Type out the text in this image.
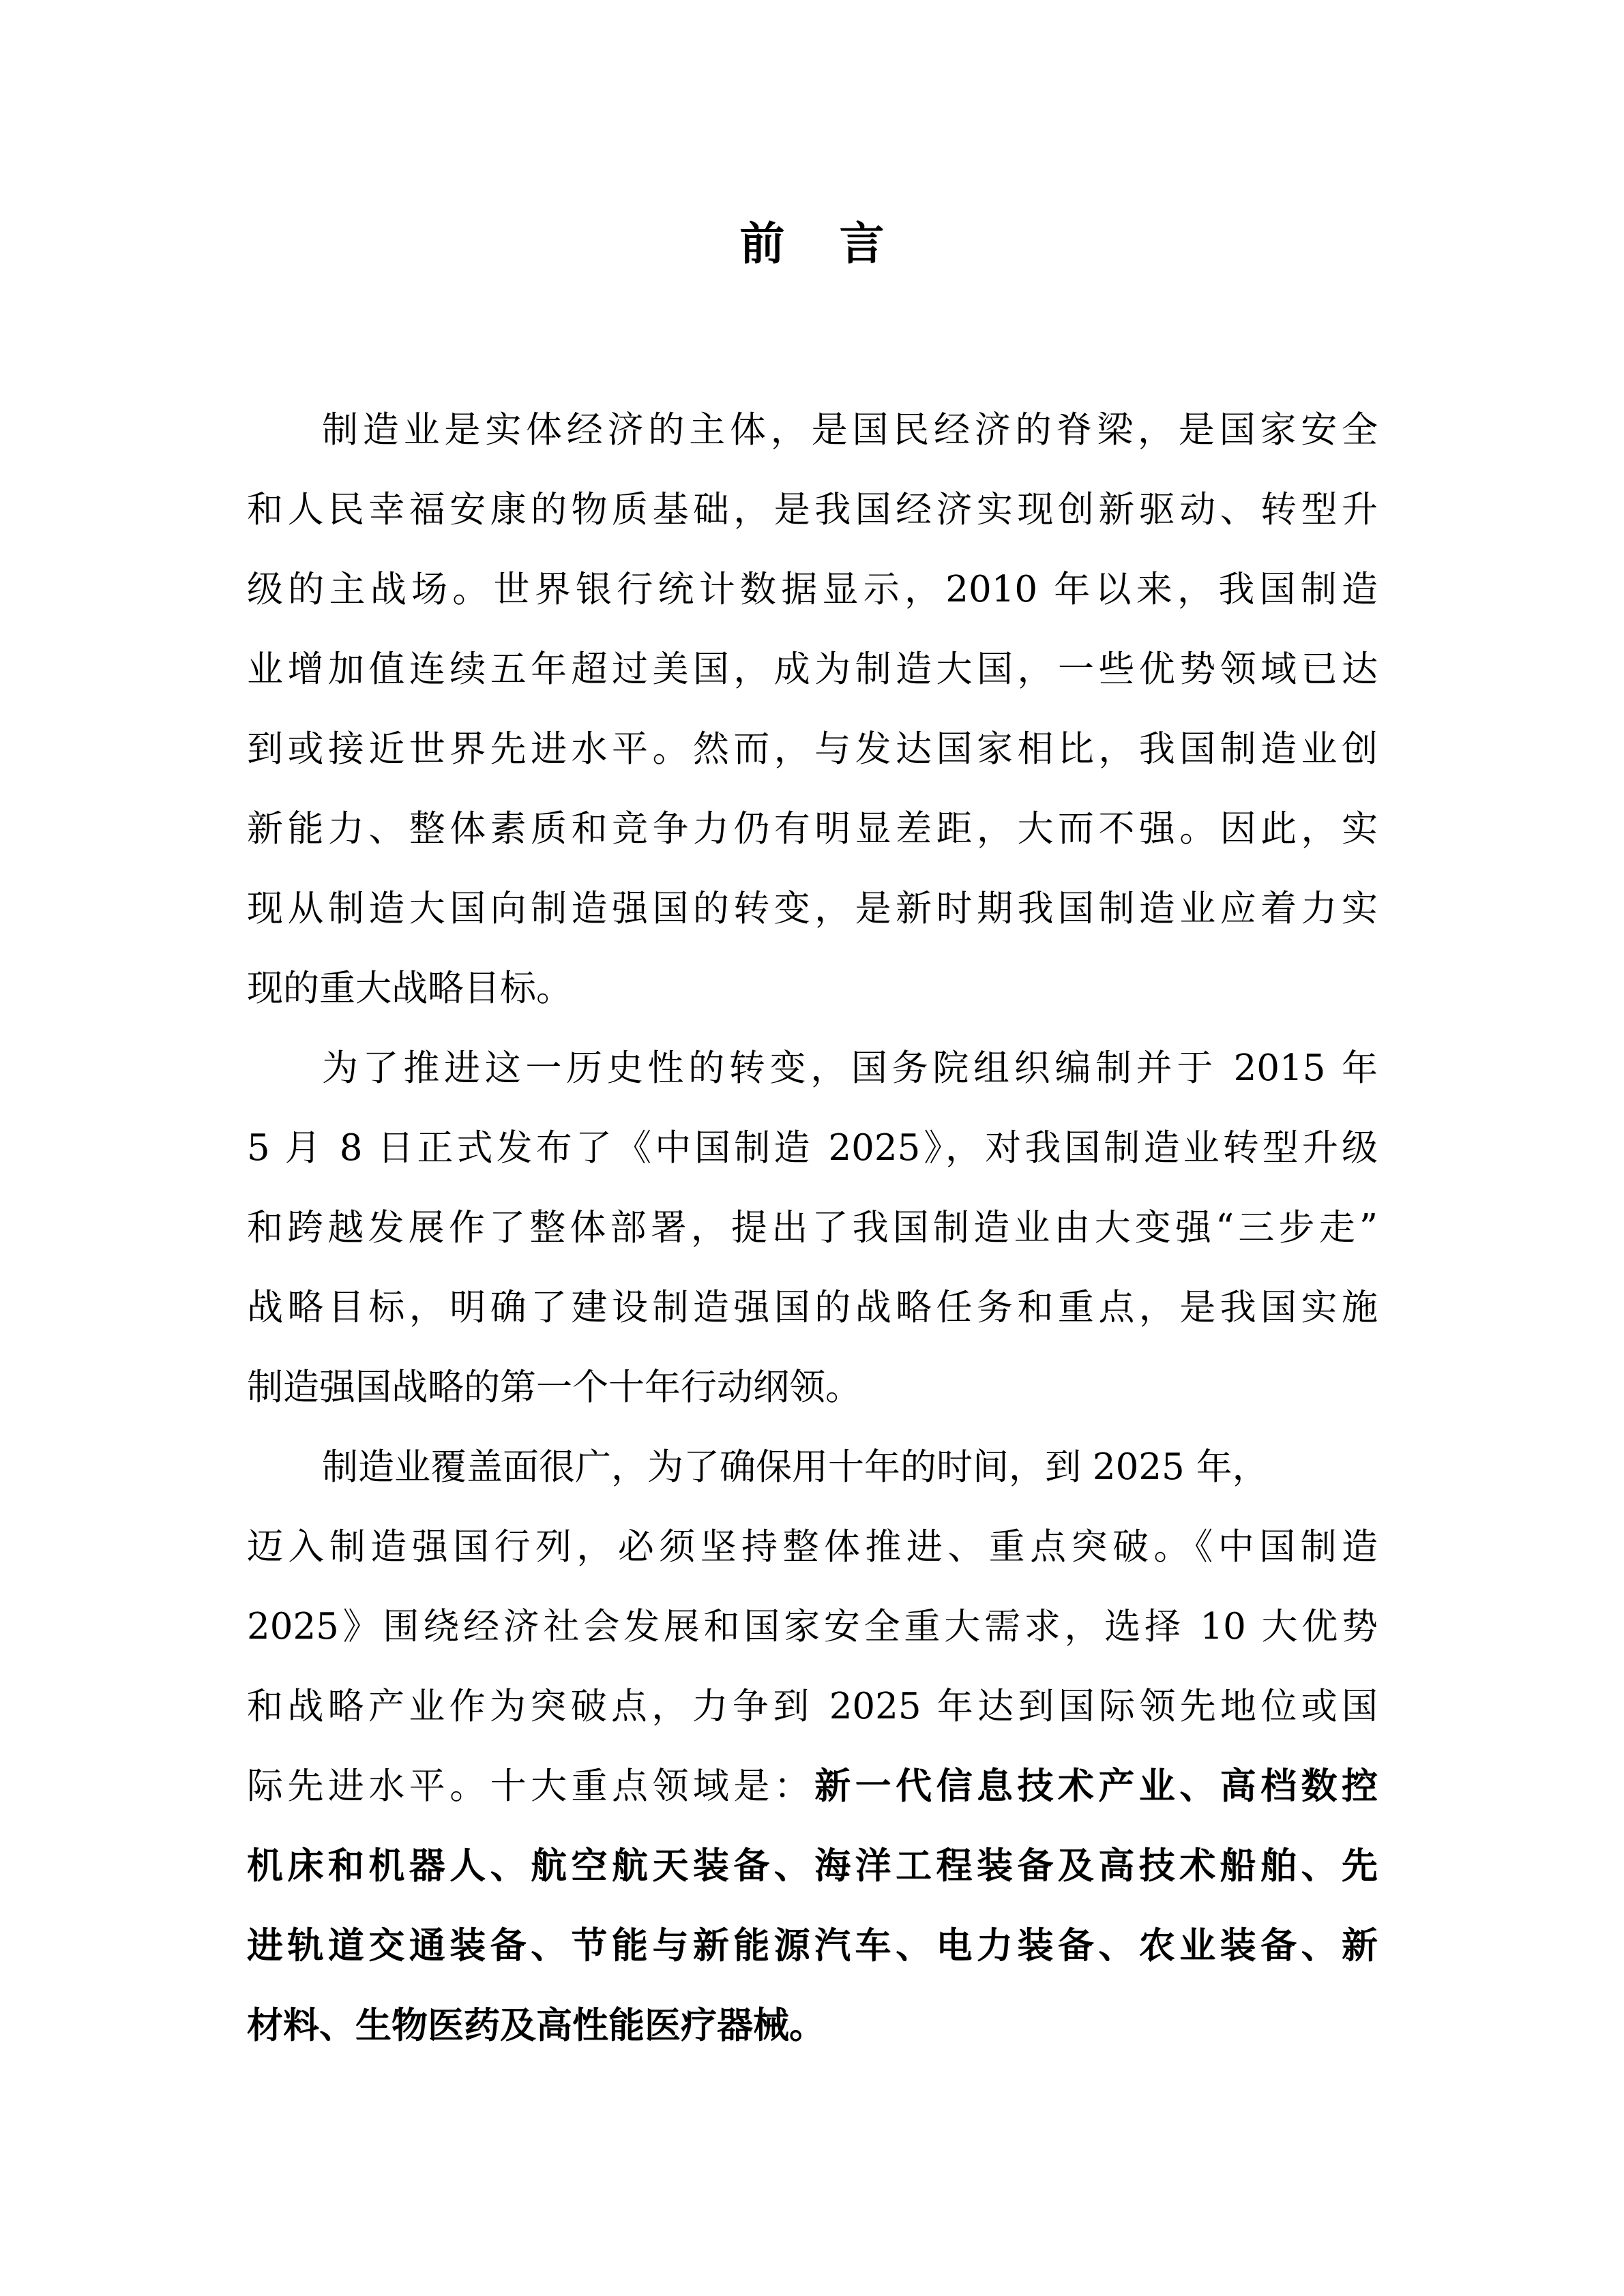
前言
制造业是实体经济的主体，是国民经济的脊梁，是国家安全
和人民幸福安康的物质基础，是我国经济实现创新驱动、转型升
级的主战场。世界银行统计数据显示，2010 年以来，我国制造
业增加值连续五年超过美国，成为制造大国，一些优势领域已达
到或接近世界先进水平。然而，与发达国家相比，我国制造业创
新能力、整体素质和竞争力仍有明显差距，大而不强。因此，实
现从制造大国向制造强国的转变，是新时期我国制造业应着力实
现的重大战略目标。
为了推进这一历史性的转变，国务院组织编制并于 2015 年
5 月 8 日正式发布了《中国制造 2025》，对我国制造业转型升级
和跨越发展作了整体部署，提出了我国制造业由大变强“三步走”
战略目标，明确了建设制造强国的战略任务和重点，是我国实施
制造强国战略的第一个十年行动纲领。
制造业覆盖面很广，为了确保用十年的时间，到 2025 年，
迈入制造强国行列，必须坚持整体推进、重点突破。《中国制造
2025》围绕经济社会发展和国家安全重大需求，选择 10 大优势
和战略产业作为突破点，力争到 2025 年达到国际领先地位或国
际先进水平。十大重点领域是：新一代信息技术产业、高档数控
机床和机器人、航空航天装备、海洋工程装备及高技术船舶、先
进轨道交通装备、节能与新能源汽车、电力装备、农业装备、新
材料、生物医药及高性能医疗器械。
